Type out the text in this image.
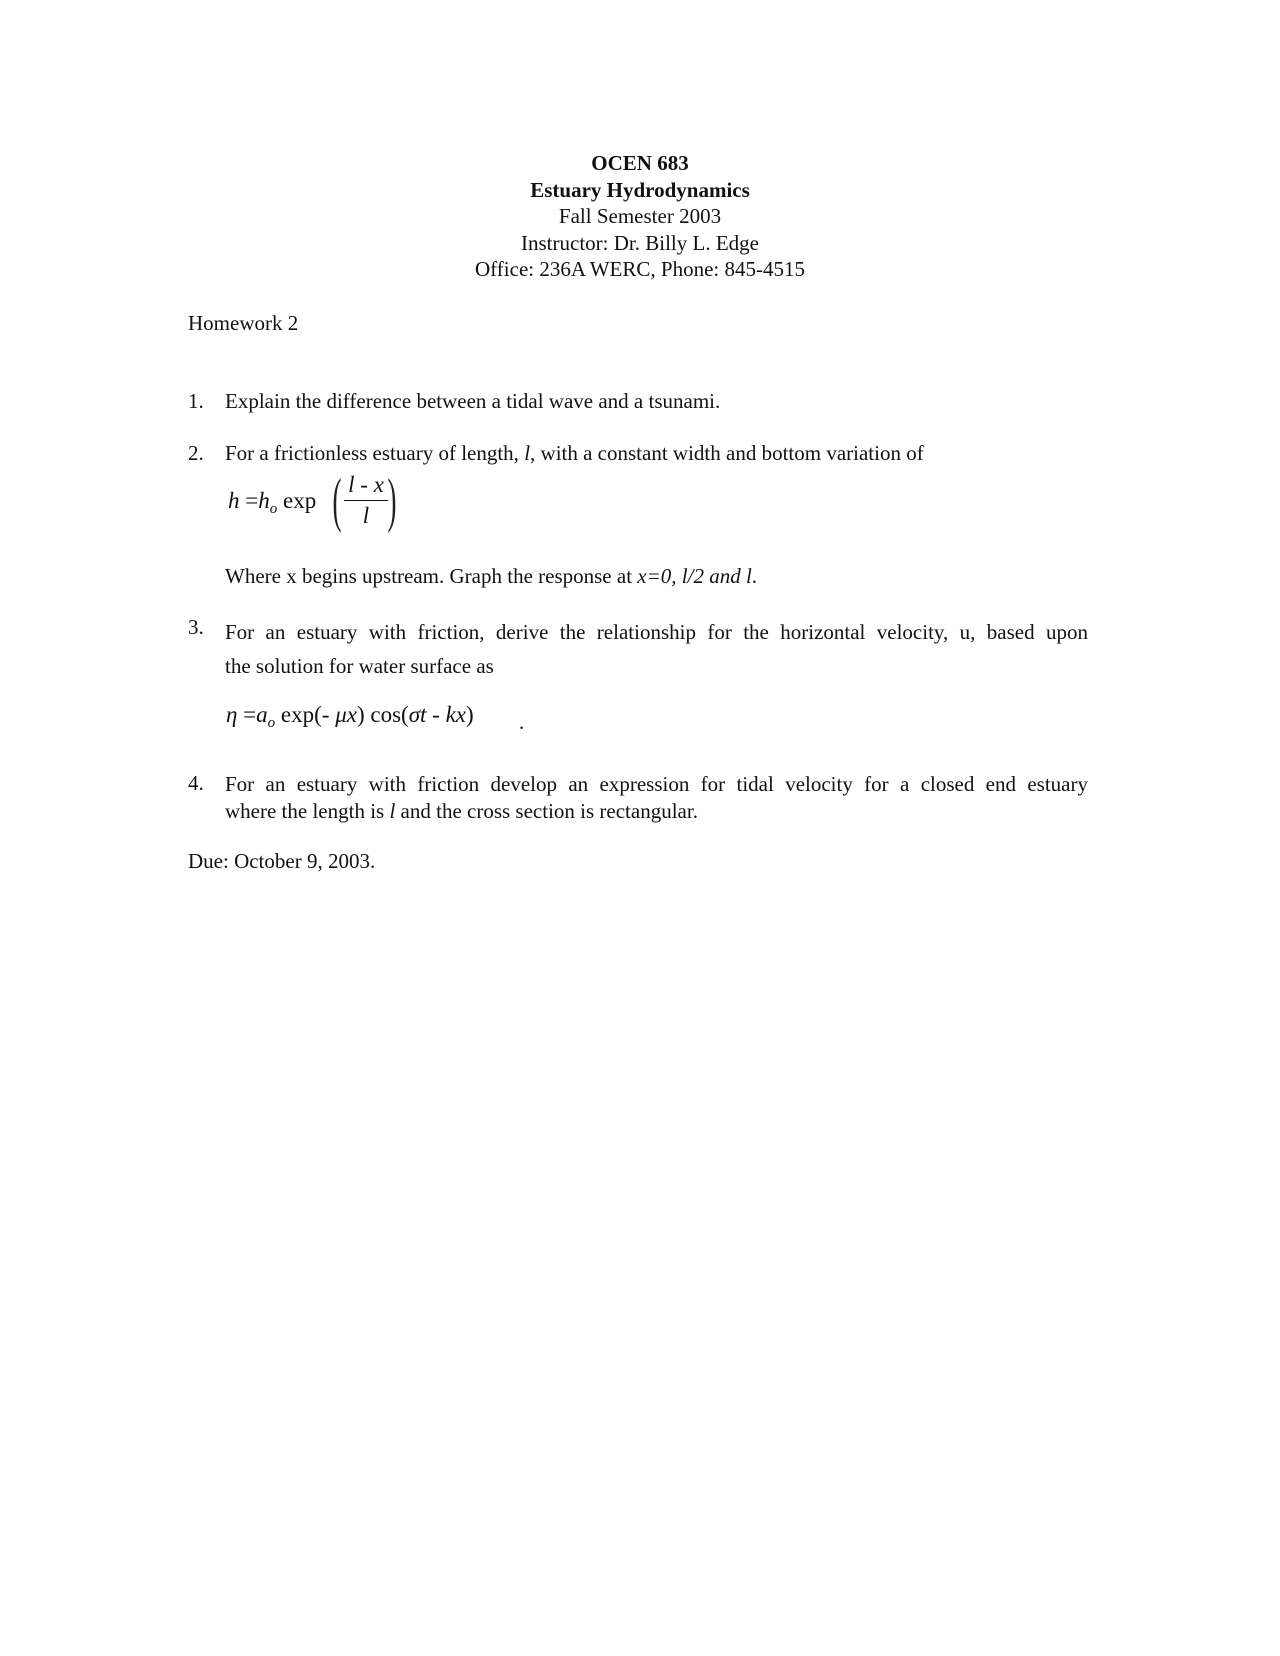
OCEN 683
Estuary Hydrodynamics
Fall Semester 2003
Instructor: Dr. Billy L. Edge
Office: 236A WERC, Phone: 845-4515
Homework 2
1. Explain the difference between a tidal wave and a tsunami.
2. For a frictionless estuary of length, l, with a constant width and bottom variation of
$h =h_o$ exp ( l - x
l )
Where x begins upstream. Graph the response at x=0, l/2 and l.
3. For an estuary with friction, derive the relationship for the horizontal velocity, u, based upon
the solution for water surface as
$\eta =a_o$ exp(- μx) cos(σt - kx) .
4. For an estuary with friction develop an expression for tidal velocity for a closed end estuary
where the length is l and the cross section is rectangular.
Due: October 9, 2003.
